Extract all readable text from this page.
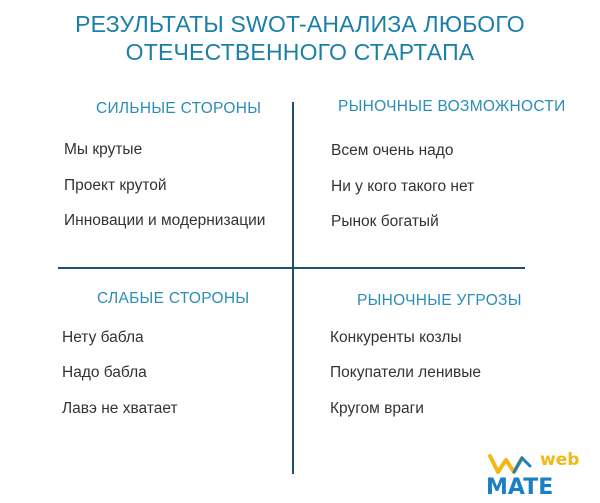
РЕЗУЛЬТАТЫ SWOT-АНАЛИЗА ЛЮБОГО
ОТЕЧЕСТВЕННОГО СТАРТАПА
СИЛЬНЫЕ СТОРОНЫ
Мы крутые
Проект крутой
Инновации и модернизации
РЫНОЧНЫЕ ВОЗМОЖНОСТИ
Всем очень надо
Ни у кого такого нет
Рынок богатый
СЛАБЫЕ СТОРОНЫ
Нету бабла
Надо бабла
Лавэ не хватает
РЫНОЧНЫЕ УГРОЗЫ
Конкуренты козлы
Покупатели ленивые
Кругом враги
web
MATE
